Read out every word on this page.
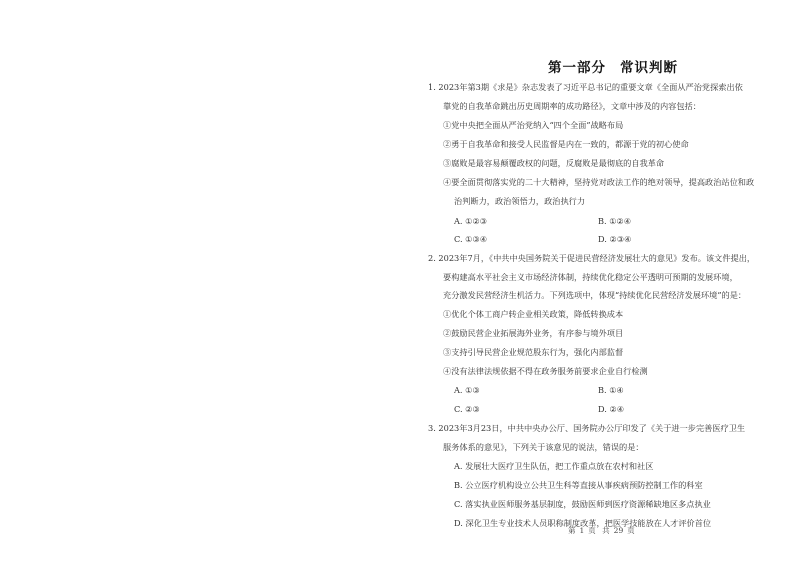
第一部分 常识判断
1. 2023年第3期《求是》杂志发表了习近平总书记的重要文章《全面从严治党探索出依
靠党的自我革命跳出历史周期率的成功路径》，文章中涉及的内容包括：
①党中央把全面从严治党纳入“四个全面”战略布局
②勇于自我革命和接受人民监督是内在一致的，都源于党的初心使命
③腐败是最容易颠覆政权的问题，反腐败是最彻底的自我革命
④要全面贯彻落实党的二十大精神，坚持党对政法工作的绝对领导，提高政治站位和政
治判断力，政治领悟力，政治执行力
A. ①②③	B. ①②④
C. ①③④	D. ②③④
2. 2023年7月，《中共中央国务院关于促进民营经济发展壮大的意见》发布。该文件提出，
要构建高水平社会主义市场经济体制，持续优化稳定公平透明可预期的发展环境，
充分激发民营经济生机活力。下列选项中，体现“持续优化民营经济发展环境”的是：
①优化个体工商户转企业相关政策，降低转换成本
②鼓励民营企业拓展海外业务，有序参与境外项目
③支持引导民营企业规范股东行为，强化内部监督
④没有法律法规依据不得在政务服务前要求企业自行检测
A. ①③	B. ①④
C. ②③	D. ②④
3. 2023年3月23日，中共中央办公厅、国务院办公厅印发了《关于进一步完善医疗卫生
服务体系的意见》，下列关于该意见的说法，错误的是：
A. 发展壮大医疗卫生队伍，把工作重点放在农村和社区
B. 公立医疗机构设立公共卫生科等直接从事疾病预防控制工作的科室
C. 落实执业医师服务基层制度，鼓励医师到医疗资源稀缺地区多点执业
D. 深化卫生专业技术人员职称制度改革，把医学技能放在人才评价首位
第 1 页 共 29 页
